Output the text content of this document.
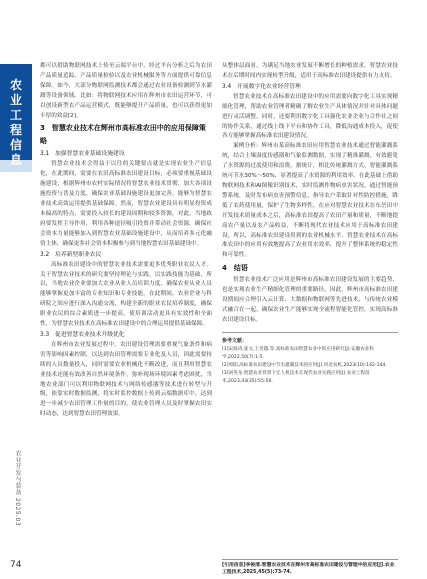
农业工程信息
农业开发与装备 2025.03
74

都可以借助物联网技术上传至云端平台中，经过平台分析之后为农田产品质量追踪、产品质量检验以及农业机械服务等方面提供可靠信息保障。如今，大部分物联网监测技术都会通过农业设备检测到节水灌溉等设备领域。比如：将物联网技术应用在辉州市农田运营环节，可以创设新型农产品运营模式，既能够提升产品质量，也可以获得更加丰厚的效益[2]。

3　智慧农业技术在辉州市高标准农田中的应用保障策略
3.1　加强智慧农业基础设施建设

智慧农业技术会得益于以往的关键要点就是实现农业生产信息化，在此期间，需要在农田高标准农田建设目标，必须要重视基础设施建设，根据辉州市农村实际情况将智慧农业技术贯彻、加大各项设施投资与普及力度，确保农业基础设施建设更加完善，能够为智慧农业技术高效运用提供基础保障。然而，智慧农业建设具有明显投资成本偏高的特点，需要投入较长的建设周期和较多资源，对此，当地政府要发挥主导作用，利用各种途径吸引投资并带动社会资源，确保社会资本力量能够加入到智慧农业基础设施建设中，从而培养多元化融资主体，确保更多社会资本积极参与到当地智慧农田基础建设中。

3.2　培养新型职业农民

高标准农田建设中的智慧农业技术需要更多优秀职业农民人才。关于智慧农业技术的研究要坚持理论与实践，以实践技能为基础，所以，当地农业企业要加大农业从业人员培训力度，确保农业从业人员能够掌握更加丰富的专业知识和专业技能。在此期间，农业企业与科研院之间应进行深入沟通交流，构建全新的职业农民培养制度，确保职业农民的综合素质进一步提高，使培训活动更具有实效性和全面性，为智慧农业技术在高标准农田建设中的合理运用提供基础保障。

3.3　促进智慧农业技术升级优化

在辉州市农业发展过程中，农田建设管理需要重视气象条件和病害等影响因素控制，以达到农田管理需要专业化及人员，因此需要持续的人员数量投入，同时需要农业机械化不断改进，而且利用智慧农业技术还能有效改善自然环境条件，弥补现场环境因素考虑困扰，当地农业部门可以利用物联网技术与网络传感器等技术进行转型与升级，依靠实时数据监测，将实时监控数据上传到云端数据库中，达到进一步减少农田管理工作量的目的，使农业管理人员及时掌握农田实时动态，达到智慧农田管理效果。

从整体层面看，为满足当地农业发展不断增长的种植需求，智慧农业技术在后期时间内实现转型升级，适用于高标准农田建设提供有力支持。

3.4　开展数字化农业经营管理

智慧农业技术在高标准农田建设中的应用需要向数字化工具实现精细化管理，帮助农业管理者精确了解农业生产具体情况并针对具体问题进行灵活调整。同时，还要利用数字化工具强化农业企业与合作社之间的协作关系，通过线上线下平台和协作工具，降低沟通成本投入，促使各方能够掌握高标准农田建设情况。

案例分析：辉州市某高标准农田应用智慧农业技术通过智能灌溉系统，结合土壤湿度传感器和气象监测数据，实现了精准灌溉。有效避免了水资源的过度使用和浪费。据统计，相比传统灌溉方式，智能灌溉系统可节水30%～50%，显著提高了水资源的利用效率。在此基础上借助物联网技术和AI图像识别技术，实时监测作物病虫害状况，通过智能预警系统，及时发布病虫害预警信息，指导农户采取针对性防控措施，降低了农药使用量，保护了生物多样性。在应对智慧农业技术在东岳田中开发技术质量成本之后，高标准农田提高了农田产量和质量，不断地提高农产量以及农产品收益，不断将现代农业技术应用于高标准农田建设，所以，高标准农田建设用到的农业机械水平、智慧农业技术在高标准农田中的应用有效地提高了农业用水效率，提升了整体系统的稳定性和可靠性。

4　结语

智慧农业技术广泛应用是辉州市高标准农田建设发展的主要趋势，也是实现农业生产精细化管理的重要路径。因此，辉州市高标准农田建设期间应合理引入云计算、大数据和物联网等先进技术，与传统农业模式融合在一起，确保农业生产能够实现全流程智能化管控，实现高标准农田建设目标。

参考文献：
[1]宋海涛,张文,王善越.等.高标准农田智慧农业中的应用研究[J].安徽农业科学,2022,50(7):1-5.
[2]周阳,高标准农田建设中节水灌溉技术的应用[J].河北农机,2023(10):142-144.
[3]刘英龙.智慧农业背景下无人机技术在现代农业实践应用[J].农业工程技术,2023,43(35):55-56.
[引用信息]李俊清.智慧农业技术在辉州市高标准农田建设与管理中的应用[J].农业工程技术,2025,45(5):73-74.
